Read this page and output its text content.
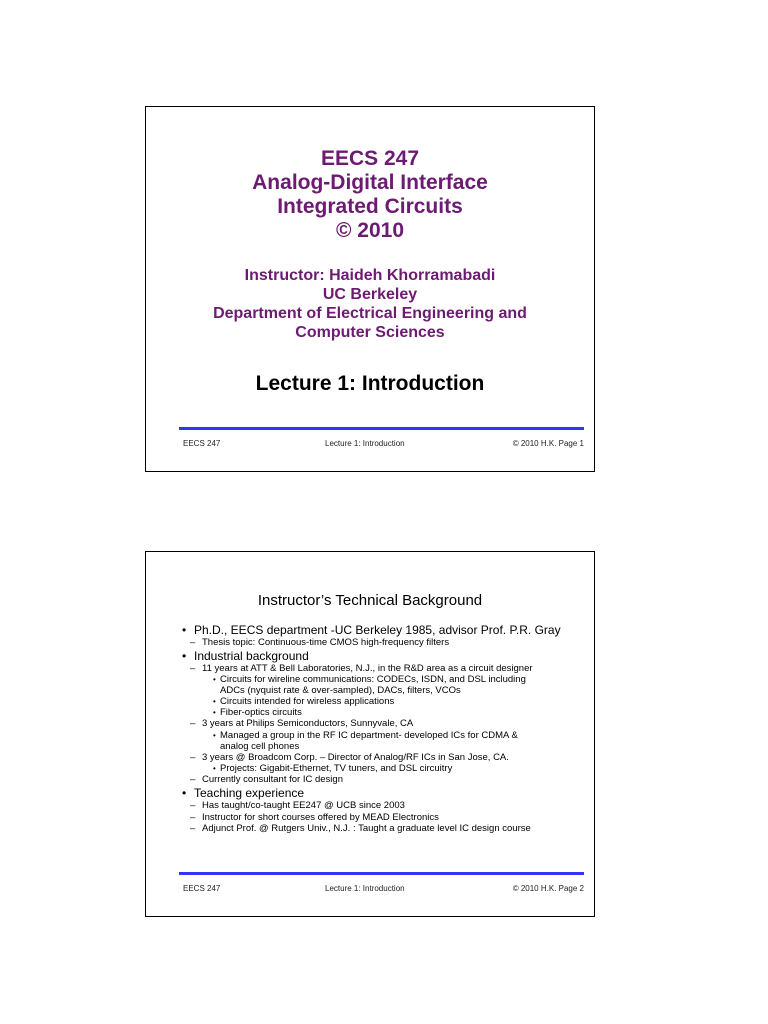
EECS 247
Analog-Digital Interface
Integrated Circuits
© 2010
Instructor: Haideh Khorramabadi
UC Berkeley
Department of Electrical Engineering and
Computer Sciences
Lecture 1: Introduction
EECS 247	Lecture 1: Introduction	© 2010 H.K. Page 1
Instructor’s Technical Background
• Ph.D., EECS department -UC Berkeley 1985, advisor Prof. P.R. Gray
– Thesis topic: Continuous-time CMOS high-frequency filters
• Industrial background
– 11 years at ATT & Bell Laboratories, N.J., in the R&D area as a circuit designer
• Circuits for wireline communications: CODECs, ISDN, and DSL including
ADCs (nyquist rate & over-sampled), DACs, filters, VCOs
• Circuits intended for wireless applications
• Fiber-optics circuits
– 3 years at Philips Semiconductors, Sunnyvale, CA
• Managed a group in the RF IC department- developed ICs for CDMA &
analog cell phones
– 3 years @ Broadcom Corp. – Director of Analog/RF ICs in San Jose, CA.
• Projects: Gigabit-Ethernet, TV tuners, and DSL circuitry
– Currently consultant for IC design
• Teaching experience
– Has taught/co-taught EE247 @ UCB since 2003
– Instructor for short courses offered by MEAD Electronics
– Adjunct Prof. @ Rutgers Univ., N.J. : Taught a graduate level IC design course
EECS 247	Lecture 1: Introduction	© 2010 H.K. Page 2
